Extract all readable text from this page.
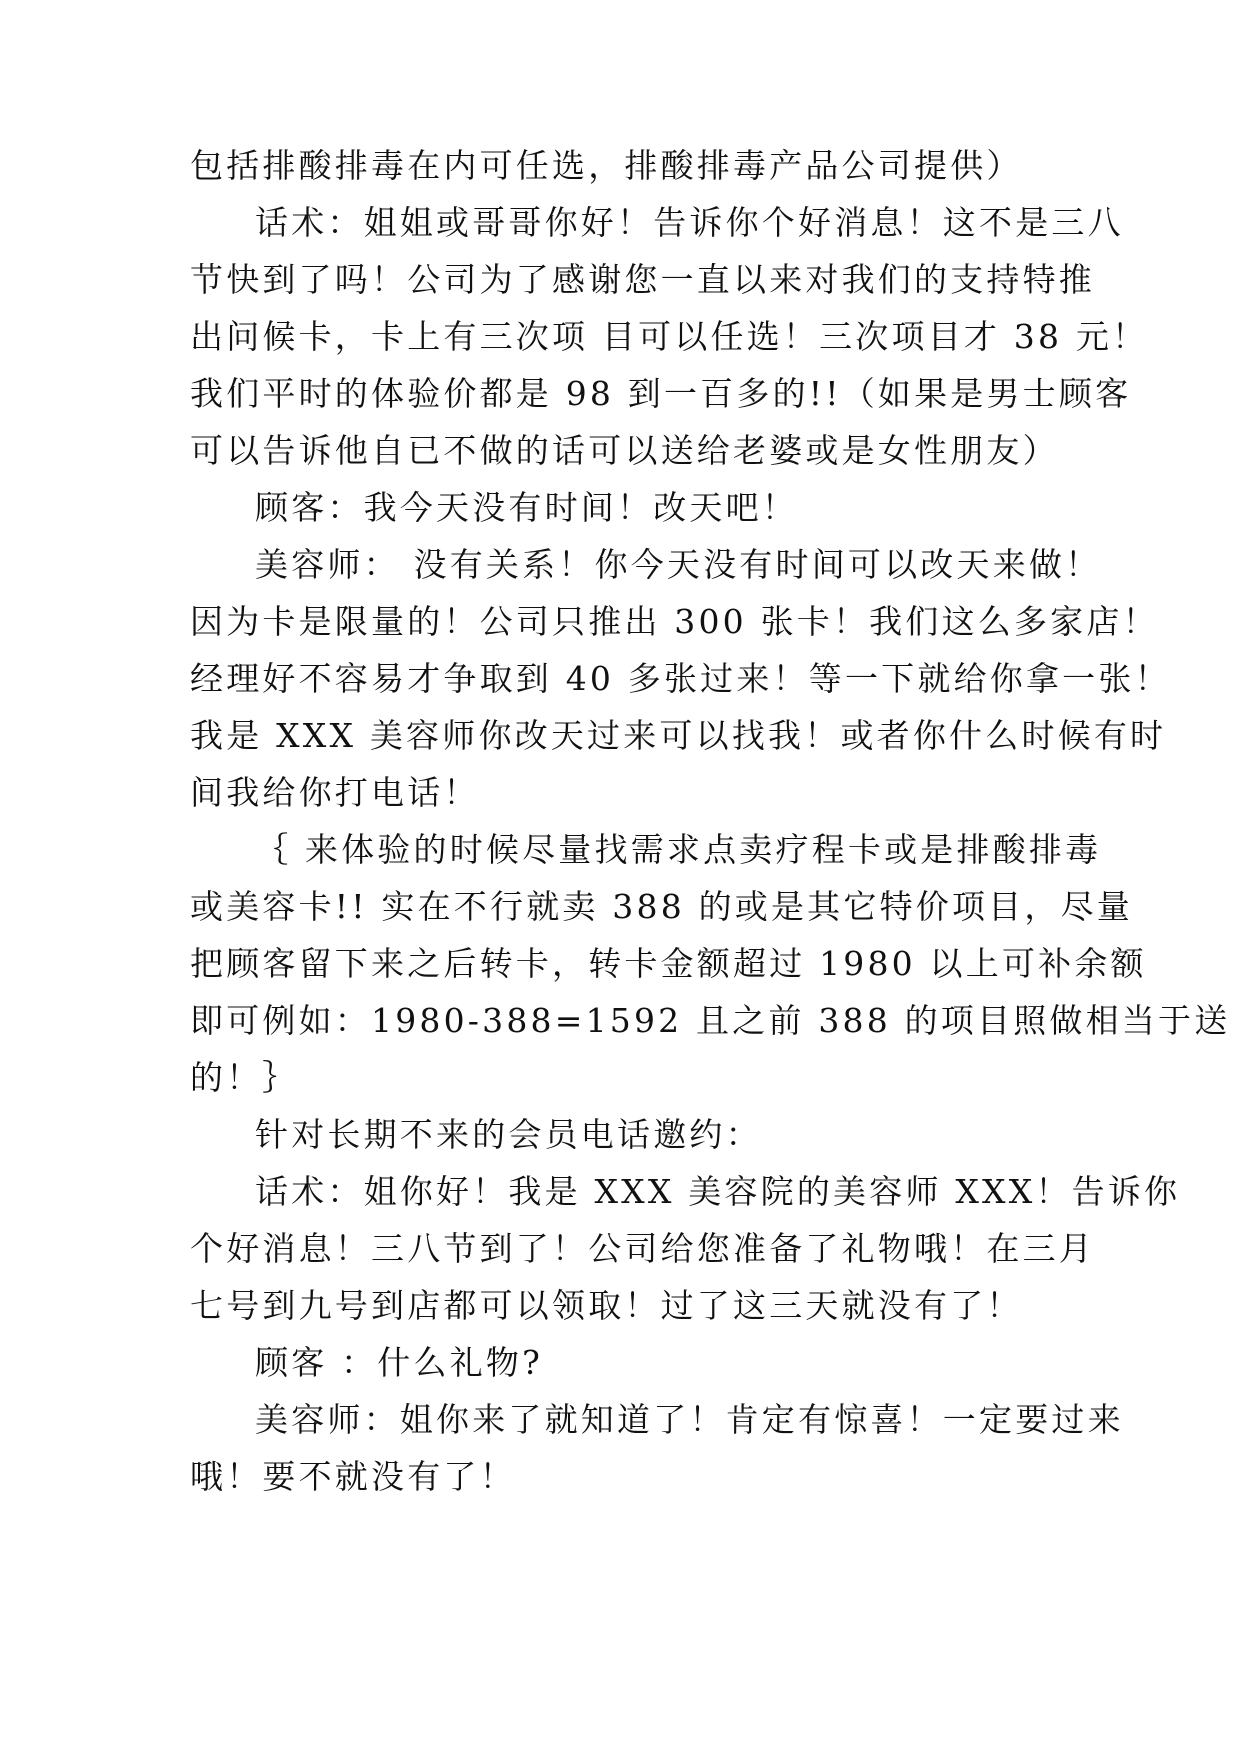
包括排酸排毒在内可任选，排酸排毒产品公司提供）
话术：姐姐或哥哥你好！告诉你个好消息！这不是三八
节快到了吗！公司为了感谢您一直以来对我们的支持特推
出问候卡，卡上有三次项 目可以任选！三次项目才 38 元！
我们平时的体验价都是 98 到一百多的!!（如果是男士顾客
可以告诉他自已不做的话可以送给老婆或是女性朋友）
顾客：我今天没有时间！改天吧！
美容师： 没有关系！你今天没有时间可以改天来做！
因为卡是限量的！公司只推出 300 张卡！我们这么多家店！
经理好不容易才争取到 40 多张过来！等一下就给你拿一张！
我是 XXX 美容师你改天过来可以找我！或者你什么时候有时
间我给你打电话！
｛ 来体验的时候尽量找需求点卖疗程卡或是排酸排毒
或美容卡!! 实在不行就卖 388 的或是其它特价项目，尽量
把顾客留下来之后转卡，转卡金额超过 1980 以上可补余额
即可例如：1980-388=1592 且之前 388 的项目照做相当于送
的！｝
针对长期不来的会员电话邀约：
话术：姐你好！我是 XXX 美容院的美容师 XXX！告诉你
个好消息！三八节到了！公司给您准备了礼物哦！在三月
七号到九号到店都可以领取！过了这三天就没有了！
顾客 ：什么礼物?
美容师：姐你来了就知道了！肯定有惊喜！一定要过来
哦！要不就没有了！
